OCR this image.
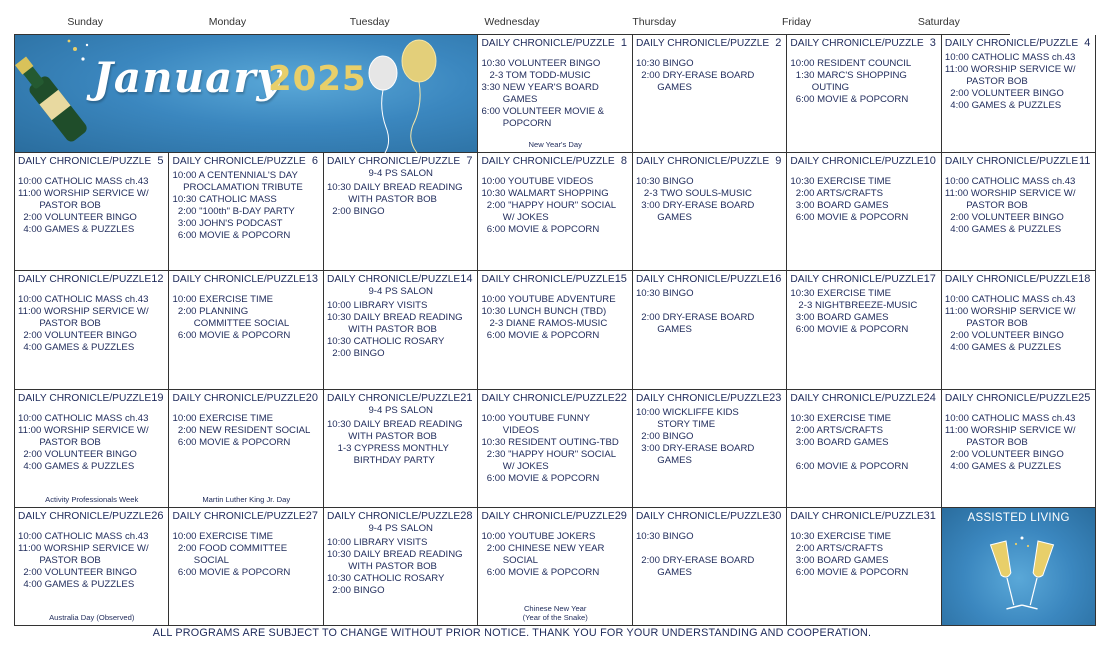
Sunday	Monday	Tuesday	Wednesday	Thursday	Friday	Saturday
January
2025
ASSISTED LIVING
DAILY CHRONICLE/PUZZLE 1
10:30 VOLUNTEER BINGO
2-3 TOM TODD-MUSIC
3:30 NEW YEAR'S BOARD
GAMES
6:00 VOLUNTEER MOVIE &
POPCORN
New Year's Day
DAILY CHRONICLE/PUZZLE 2
10:30 BINGO
2:00 DRY-ERASE BOARD
GAMES
DAILY CHRONICLE/PUZZLE 3
10:00 RESIDENT COUNCIL
1:30 MARC'S SHOPPING
OUTING
6:00 MOVIE & POPCORN
DAILY CHRONICLE/PUZZLE 4
10:00 CATHOLIC MASS ch.43
11:00 WORSHIP SERVICE W/
PASTOR BOB
2:00 VOLUNTEER BINGO
4:00 GAMES & PUZZLES
DAILY CHRONICLE/PUZZLE 5
10:00 CATHOLIC MASS ch.43
11:00 WORSHIP SERVICE W/
PASTOR BOB
2:00 VOLUNTEER BINGO
4:00 GAMES & PUZZLES
DAILY CHRONICLE/PUZZLE 6
10:00 A CENTENNIAL'S DAY
PROCLAMATION TRIBUTE
10:30 CATHOLIC MASS
2:00 "100th" B-DAY PARTY
3:00 JOHN'S PODCAST
6:00 MOVIE & POPCORN
DAILY CHRONICLE/PUZZLE 7
9-4 PS SALON
10:30 DAILY BREAD READING
WITH PASTOR BOB
2:00 BINGO
DAILY CHRONICLE/PUZZLE 8
10:00 YOUTUBE VIDEOS
10:30 WALMART SHOPPING
2:00 "HAPPY HOUR" SOCIAL
W/ JOKES
6:00 MOVIE & POPCORN
DAILY CHRONICLE/PUZZLE 9
10:30 BINGO
2-3 TWO SOULS-MUSIC
3:00 DRY-ERASE BOARD
GAMES
DAILY CHRONICLE/PUZZLE 10
10:30 EXERCISE TIME
2:00 ARTS/CRAFTS
3:00 BOARD GAMES
6:00 MOVIE & POPCORN
DAILY CHRONICLE/PUZZLE 11
10:00 CATHOLIC MASS ch.43
11:00 WORSHIP SERVICE W/
PASTOR BOB
2:00 VOLUNTEER BINGO
4:00 GAMES & PUZZLES
DAILY CHRONICLE/PUZZLE 12
10:00 CATHOLIC MASS ch.43
11:00 WORSHIP SERVICE W/
PASTOR BOB
2:00 VOLUNTEER BINGO
4:00 GAMES & PUZZLES
DAILY CHRONICLE/PUZZLE 13
10:00 EXERCISE TIME
2:00 PLANNING
COMMITTEE SOCIAL
6:00 MOVIE & POPCORN
DAILY CHRONICLE/PUZZLE 14
9-4 PS SALON
10:00 LIBRARY VISITS
10:30 DAILY BREAD READING
WITH PASTOR BOB
10:30 CATHOLIC ROSARY
2:00 BINGO
DAILY CHRONICLE/PUZZLE 15
10:00 YOUTUBE ADVENTURE
10:30 LUNCH BUNCH (TBD)
2-3 DIANE RAMOS-MUSIC
6:00 MOVIE & POPCORN
DAILY CHRONICLE/PUZZLE 16
10:30 BINGO
2:00 DRY-ERASE BOARD
GAMES
DAILY CHRONICLE/PUZZLE 17
10:30 EXERCISE TIME
2-3 NIGHTBREEZE-MUSIC
3:00 BOARD GAMES
6:00 MOVIE & POPCORN
DAILY CHRONICLE/PUZZLE 18
10:00 CATHOLIC MASS ch.43
11:00 WORSHIP SERVICE W/
PASTOR BOB
2:00 VOLUNTEER BINGO
4:00 GAMES & PUZZLES
DAILY CHRONICLE/PUZZLE 19
10:00 CATHOLIC MASS ch.43
11:00 WORSHIP SERVICE W/
PASTOR BOB
2:00 VOLUNTEER BINGO
4:00 GAMES & PUZZLES
Activity Professionals Week
DAILY CHRONICLE/PUZZLE 20
10:00 EXERCISE TIME
2:00 NEW RESIDENT SOCIAL
6:00 MOVIE & POPCORN
Martin Luther King Jr. Day
DAILY CHRONICLE/PUZZLE 21
9-4 PS SALON
10:30 DAILY BREAD READING
WITH PASTOR BOB
1-3 CYPRESS MONTHLY
BIRTHDAY PARTY
DAILY CHRONICLE/PUZZLE 22
10:00 YOUTUBE FUNNY
VIDEOS
10:30 RESIDENT OUTING-TBD
2:30 "HAPPY HOUR" SOCIAL
W/ JOKES
6:00 MOVIE & POPCORN
DAILY CHRONICLE/PUZZLE 23
10:00 WICKLIFFE KIDS
STORY TIME
2:00 BINGO
3:00 DRY-ERASE BOARD
GAMES
DAILY CHRONICLE/PUZZLE 24
10:30 EXERCISE TIME
2:00 ARTS/CRAFTS
3:00 BOARD GAMES
6:00 MOVIE & POPCORN
DAILY CHRONICLE/PUZZLE 25
10:00 CATHOLIC MASS ch.43
11:00 WORSHIP SERVICE W/
PASTOR BOB
2:00 VOLUNTEER BINGO
4:00 GAMES & PUZZLES
DAILY CHRONICLE/PUZZLE 26
10:00 CATHOLIC MASS ch.43
11:00 WORSHIP SERVICE W/
PASTOR BOB
2:00 VOLUNTEER BINGO
4:00 GAMES & PUZZLES
Australia Day (Observed)
DAILY CHRONICLE/PUZZLE 27
10:00 EXERCISE TIME
2:00 FOOD COMMITTEE
SOCIAL
6:00 MOVIE & POPCORN
DAILY CHRONICLE/PUZZLE 28
9-4 PS SALON
10:00 LIBRARY VISITS
10:30 DAILY BREAD READING
WITH PASTOR BOB
10:30 CATHOLIC ROSARY
2:00 BINGO
DAILY CHRONICLE/PUZZLE 29
10:00 YOUTUBE JOKERS
2:00 CHINESE NEW YEAR
SOCIAL
6:00 MOVIE & POPCORN
Chinese New Year
(Year of the Snake)
DAILY CHRONICLE/PUZZLE 30
10:30 BINGO
2:00 DRY-ERASE BOARD
GAMES
DAILY CHRONICLE/PUZZLE 31
10:30 EXERCISE TIME
2:00 ARTS/CRAFTS
3:00 BOARD GAMES
6:00 MOVIE & POPCORN
ALL PROGRAMS ARE SUBJECT TO CHANGE WITHOUT PRIOR NOTICE. THANK YOU FOR YOUR UNDERSTANDING AND COOPERATION.
